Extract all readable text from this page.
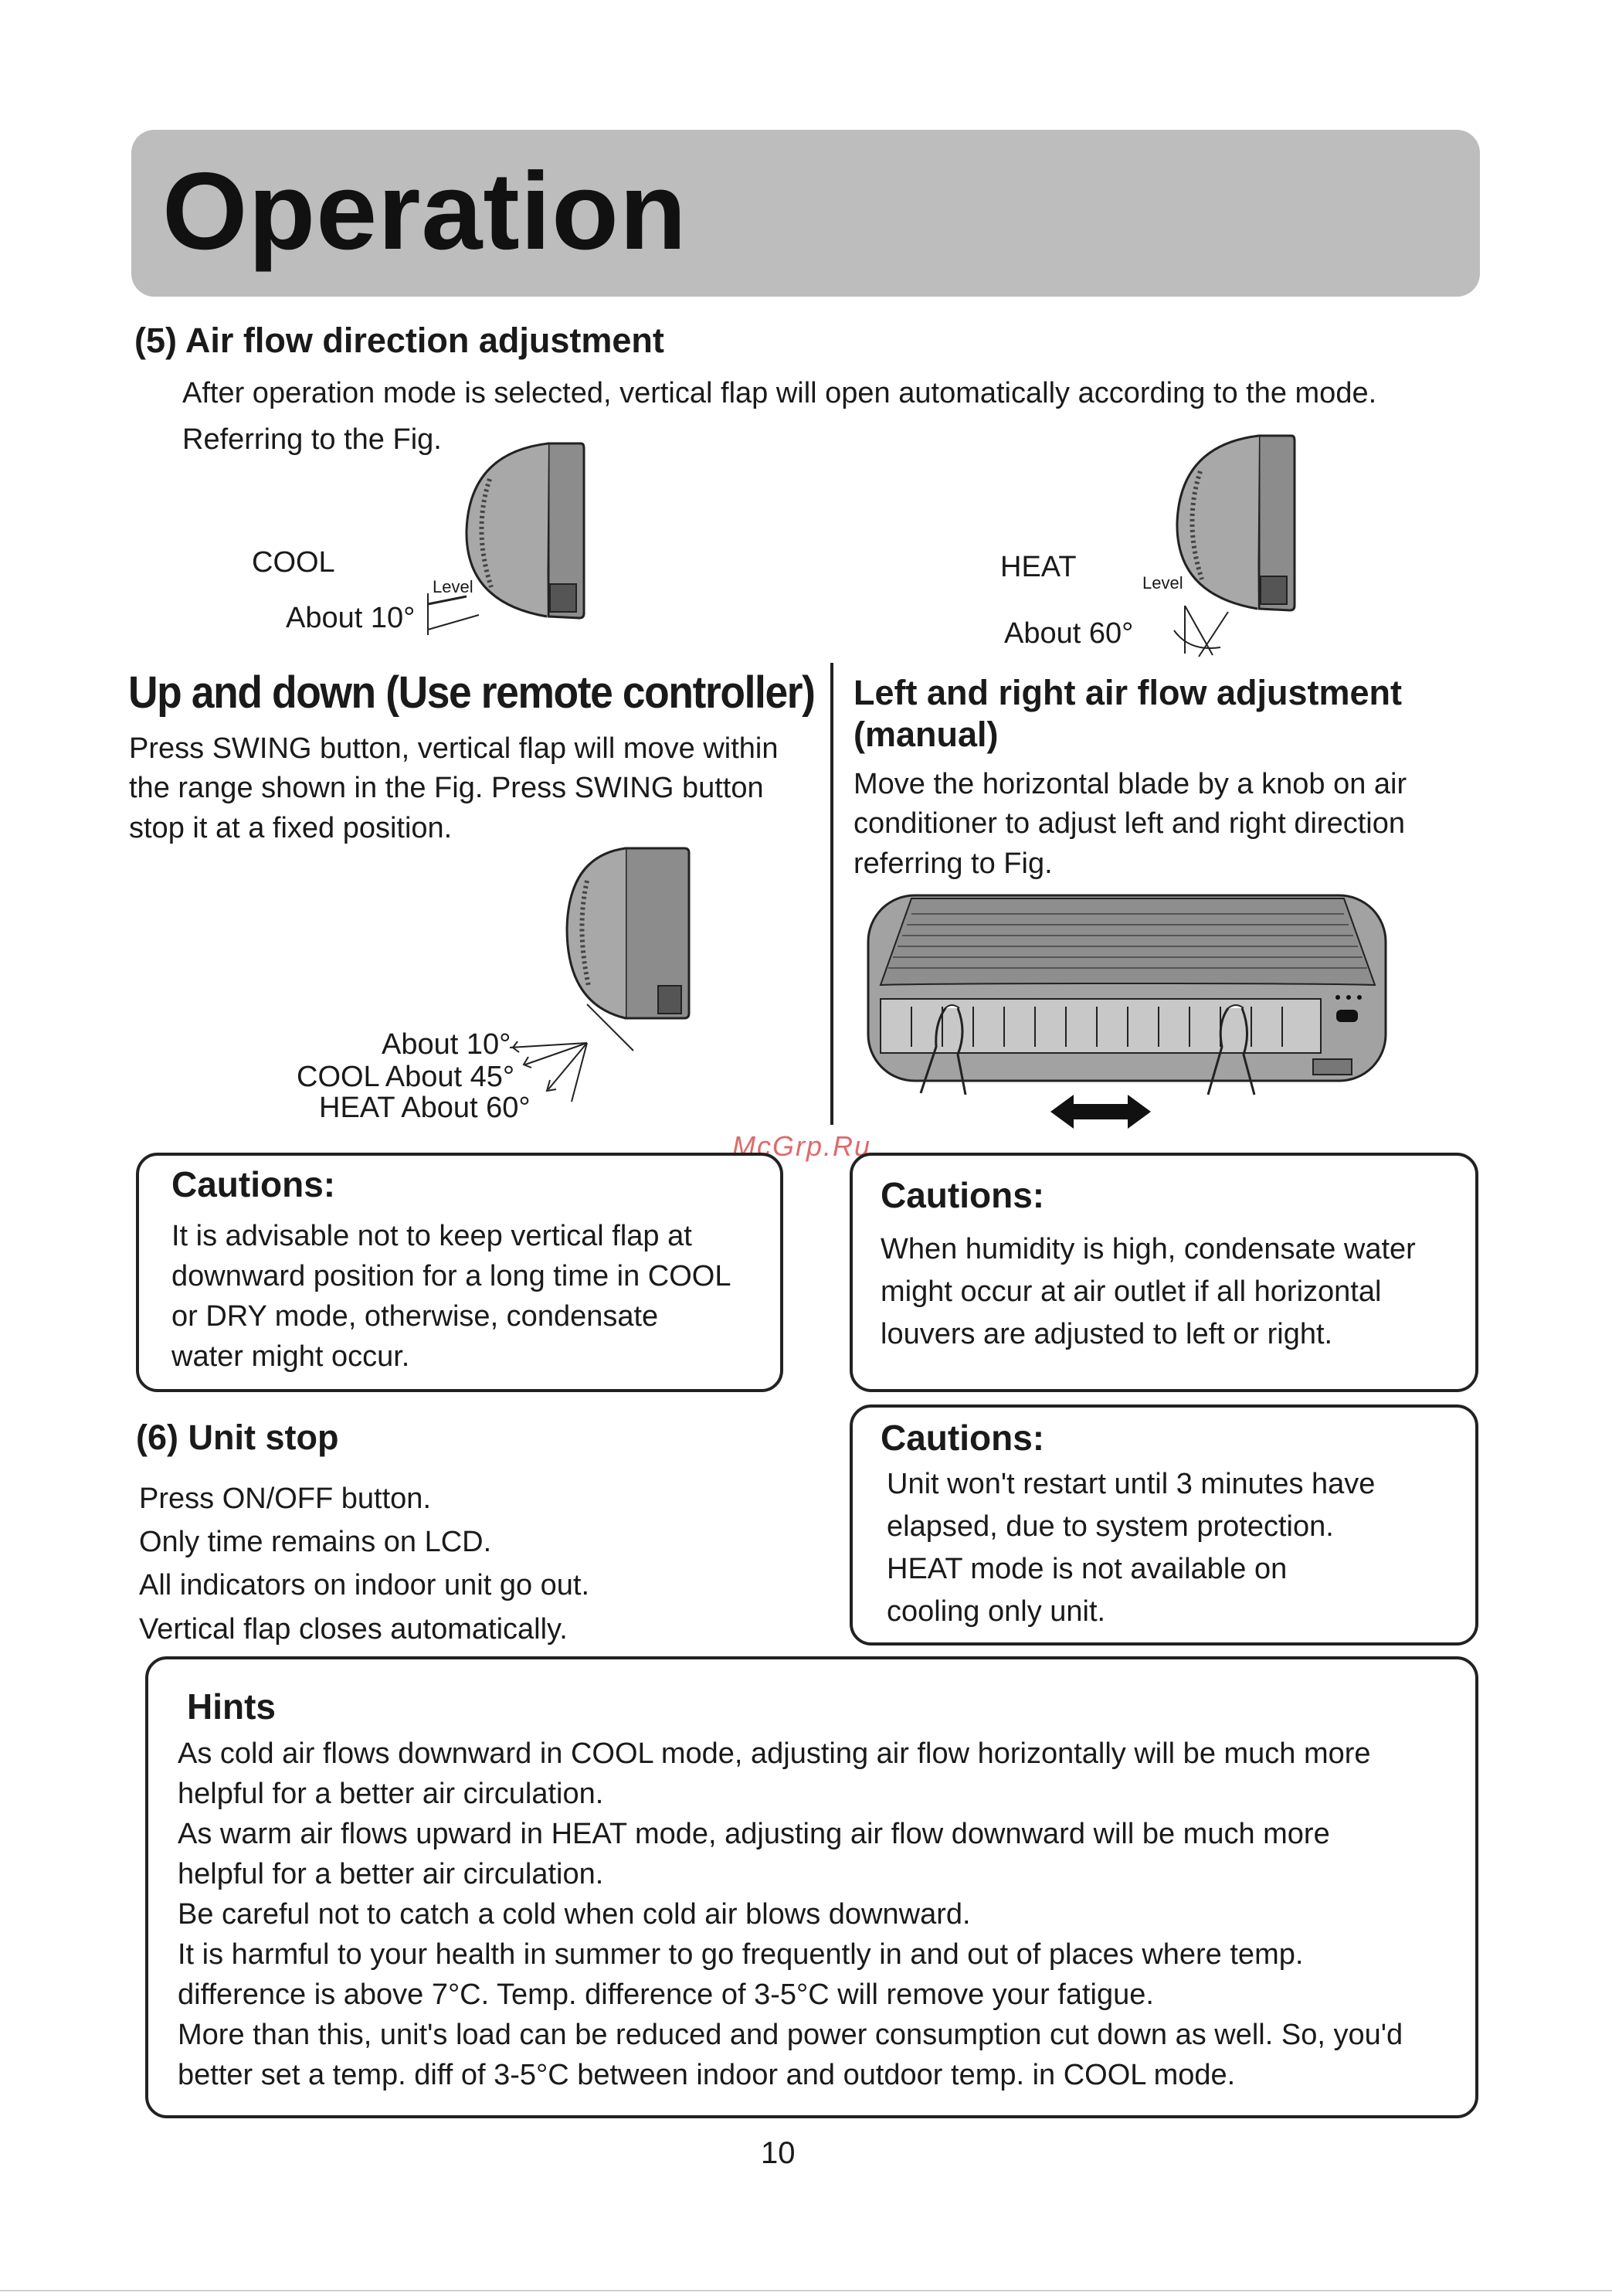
Operation
(5) Air flow direction adjustment
After operation mode is selected, vertical flap will open automatically according to the mode.
Referring to the Fig.
COOL
Level
About 10°
HEAT	Level
About 60°
Up and down (Use remote controller)
Press SWING button, vertical flap will move within
the range shown in the Fig. Press SWING button
stop it at a fixed position.
About 10°
COOL About 45°
HEAT About 60°
Left and right air flow adjustment
(manual)
Move the horizontal blade by a knob on air
conditioner to adjust left and right direction
referring to Fig.
McGrp.Ru
Cautions:
It is advisable not to keep vertical flap at
downward position for a long time in COOL
or DRY mode, otherwise, condensate
water might occur.
Cautions:
When humidity is high, condensate water
might occur at air outlet if all horizontal
louvers are adjusted to left or right.
(6) Unit stop
Press ON/OFF button.
Only time remains on LCD.
All indicators on indoor unit go out.
Vertical flap closes automatically.
Cautions:
Unit won't restart until 3 minutes have
elapsed, due to system protection.
HEAT mode is not available on
cooling only unit.
Hints
As cold air flows downward in COOL mode, adjusting air flow horizontally will be much more
helpful for a better air circulation.
As warm air flows upward in HEAT mode, adjusting air flow downward will be much more
helpful for a better air circulation.
Be careful not to catch a cold when cold air blows downward.
It is harmful to your health in summer to go frequently in and out of places where temp.
difference is above 7°C. Temp. difference of 3-5°C will remove your fatigue.
More than this, unit's load can be reduced and power consumption cut down as well. So, you'd
better set a temp. diff of 3-5°C between indoor and outdoor temp. in COOL mode.
10
